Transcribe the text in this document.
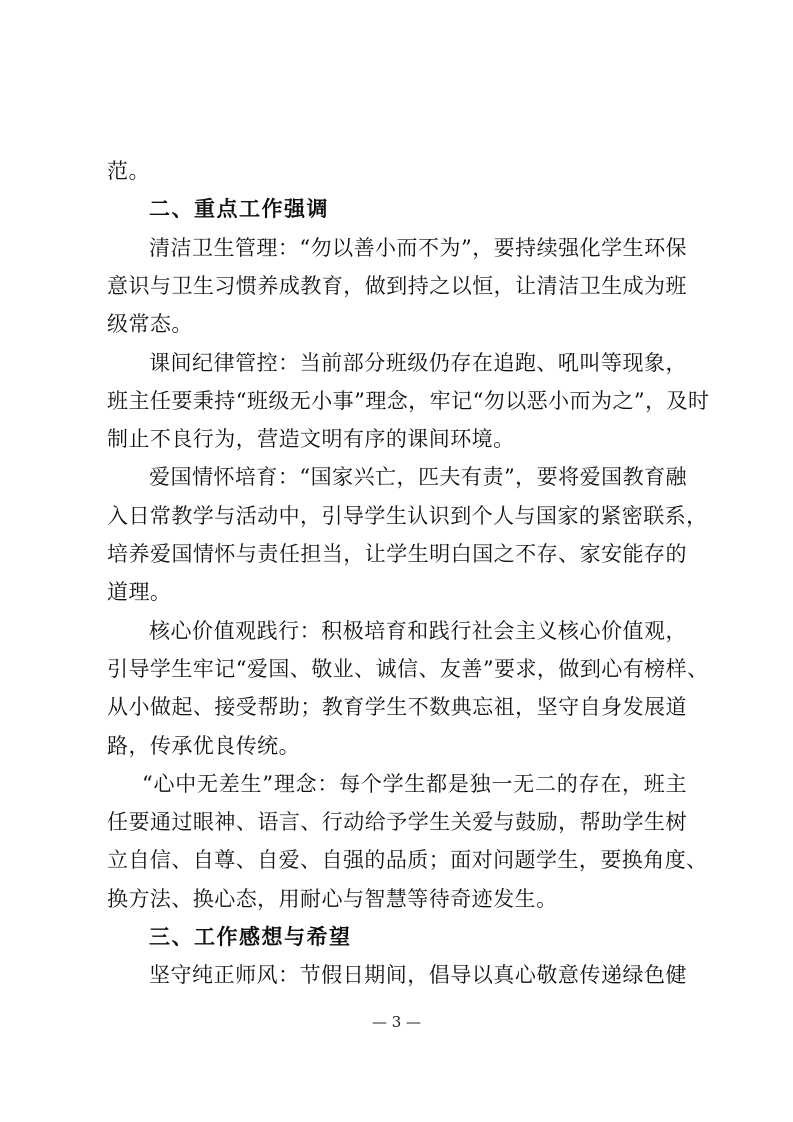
范。
二、重点工作强调
清洁卫生管理：“勿以善小而不为”，要持续强化学生环保
意识与卫生习惯养成教育，做到持之以恒，让清洁卫生成为班
级常态。
课间纪律管控：当前部分班级仍存在追跑、吼叫等现象，
班主任要秉持“班级无小事”理念，牢记“勿以恶小而为之”，及时
制止不良行为，营造文明有序的课间环境。
爱国情怀培育：“国家兴亡，匹夫有责”，要将爱国教育融
入日常教学与活动中，引导学生认识到个人与国家的紧密联系，
培养爱国情怀与责任担当，让学生明白国之不存、家安能存的
道理。
核心价值观践行：积极培育和践行社会主义核心价值观，
引导学生牢记“爱国、敬业、诚信、友善”要求，做到心有榜样、
从小做起、接受帮助；教育学生不数典忘祖，坚守自身发展道
路，传承优良传统。
“心中无差生”理念：每个学生都是独一无二的存在，班主
任要通过眼神、语言、行动给予学生关爱与鼓励，帮助学生树
立自信、自尊、自爱、自强的品质；面对问题学生，要换角度、
换方法、换心态，用耐心与智慧等待奇迹发生。
三、工作感想与希望
坚守纯正师风：节假日期间，倡导以真心敬意传递绿色健
— 3 —
